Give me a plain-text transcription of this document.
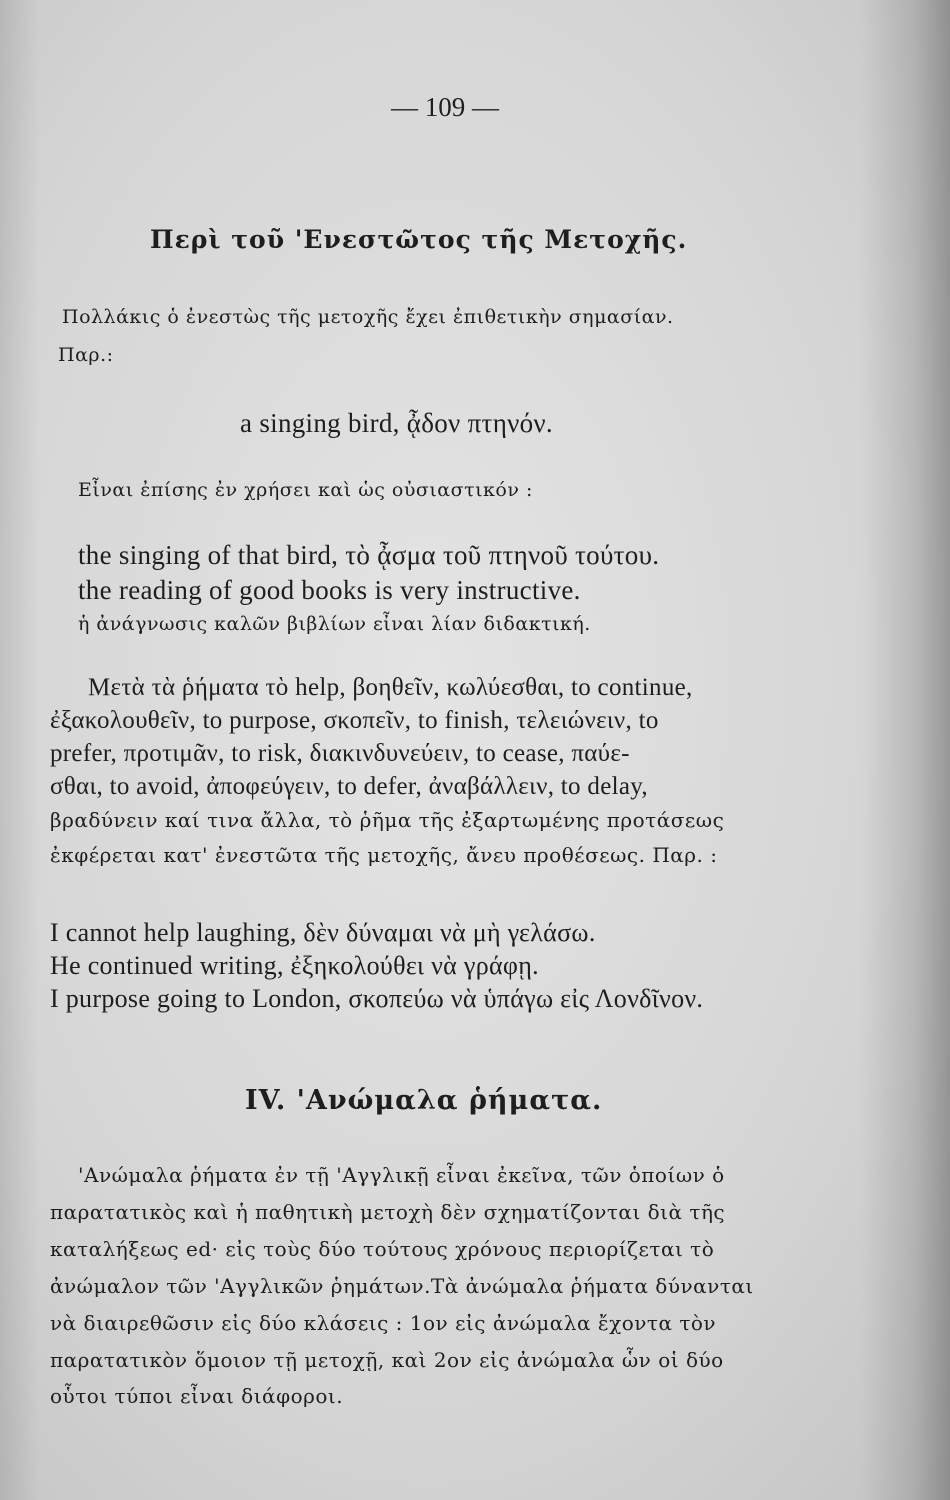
— 109 —
Περὶ τοῦ 'Ενεστῶτος τῆς Μετοχῆς.
Πολλάκις ὁ ἐνεστὼς τῆς μετοχῆς ἔχει ἐπιθετικὴν σημασίαν.
Παρ.:
a singing bird, ᾆδον πτηνόν.
Εἶναι ἐπίσης ἐν χρήσει καὶ ὡς οὐσιαστικόν :
the singing of that bird, τὸ ᾆσμα τοῦ πτηνοῦ τούτου.
the reading of good books is very instructive.
ἡ ἀνάγνωσις καλῶν βιβλίων εἶναι λίαν διδακτική.
Μετὰ τὰ ῥήματα τὸ help, βοηθεῖν, κωλύεσθαι, to continue,
ἐξακολουθεῖν, to purpose, σκοπεῖν, to finish, τελειώνειν, to
prefer, προτιμᾶν, to risk, διακινδυνεύειν, to cease, παύε-
σθαι, to avoid, ἀποφεύγειν, to defer, ἀναβάλλειν, to delay,
βραδύνειν καί τινα ἄλλα, τὸ ῥῆμα τῆς ἐξαρτωμένης προτάσεως
ἐκφέρεται κατ' ἐνεστῶτα τῆς μετοχῆς, ἄνευ προθέσεως. Παρ. :
I cannot help laughing, δὲν δύναμαι νὰ μὴ γελάσω.
He continued writing, ἐξηκολούθει νὰ γράφῃ.
I purpose going to London, σκοπεύω νὰ ὑπάγω εἰς Λονδῖνον.
IV. 'Ανώμαλα ῥήματα.
'Ανώμαλα ῥήματα ἐν τῇ 'Αγγλικῇ εἶναι ἐκεῖνα, τῶν ὁποίων ὁ
παρατατικὸς καὶ ἡ παθητικὴ μετοχὴ δὲν σχηματίζονται διὰ τῆς
καταλήξεως ed· εἰς τοὺς δύο τούτους χρόνους περιορίζεται τὸ
ἀνώμαλον τῶν 'Αγγλικῶν ῥημάτων.Τὰ ἀνώμαλα ῥήματα δύνανται
νὰ διαιρεθῶσιν εἰς δύο κλάσεις : 1ον εἰς ἀνώμαλα ἔχοντα τὸν
παρατατικὸν ὅμοιον τῇ μετοχῇ, καὶ 2ον εἰς ἀνώμαλα ὧν οἱ δύο
οὗτοι τύποι εἶναι διάφοροι.
